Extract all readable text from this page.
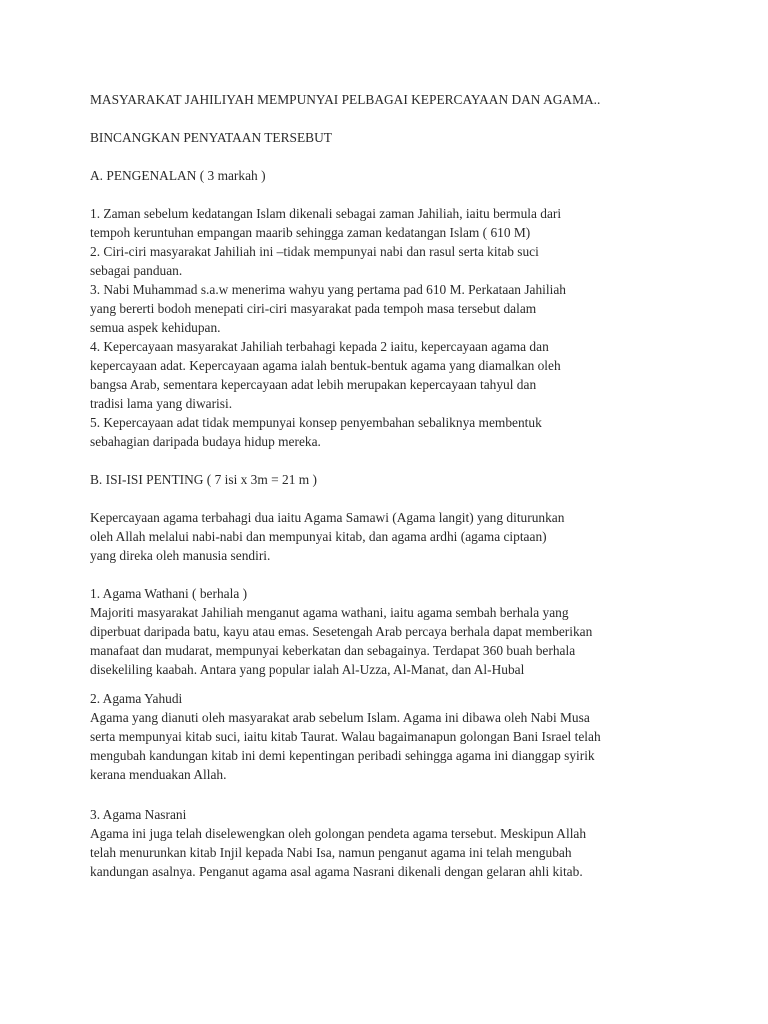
MASYARAKAT JAHILIYAH MEMPUNYAI PELBAGAI KEPERCAYAAN DAN AGAMA..
BINCANGKAN PENYATAAN TERSEBUT
A. PENGENALAN ( 3 markah )
1. Zaman sebelum kedatangan Islam dikenali sebagai zaman Jahiliah, iaitu bermula dari
tempoh keruntuhan empangan maarib sehingga zaman kedatangan Islam ( 610 M)
2. Ciri-ciri masyarakat Jahiliah ini –tidak mempunyai nabi dan rasul serta kitab suci
sebagai panduan.
3. Nabi Muhammad s.a.w menerima wahyu yang pertama pad 610 M. Perkataan Jahiliah
yang bererti bodoh menepati ciri-ciri masyarakat pada tempoh masa tersebut dalam
semua aspek kehidupan.
4. Kepercayaan masyarakat Jahiliah terbahagi kepada 2 iaitu, kepercayaan agama dan
kepercayaan adat. Kepercayaan agama ialah bentuk-bentuk agama yang diamalkan oleh
bangsa Arab, sementara kepercayaan adat lebih merupakan kepercayaan tahyul dan
tradisi lama yang diwarisi.
5. Kepercayaan adat tidak mempunyai konsep penyembahan sebaliknya membentuk
sebahagian daripada budaya hidup mereka.
B. ISI-ISI PENTING ( 7 isi x 3m = 21 m )
Kepercayaan agama terbahagi dua iaitu Agama Samawi (Agama langit) yang diturunkan
oleh Allah melalui nabi-nabi dan mempunyai kitab, dan agama ardhi (agama ciptaan)
yang direka oleh manusia sendiri.
1. Agama Wathani ( berhala )
Majoriti masyarakat Jahiliah menganut agama wathani, iaitu agama sembah berhala yang
diperbuat daripada batu, kayu atau emas. Sesetengah Arab percaya berhala dapat memberikan
manafaat dan mudarat, mempunyai keberkatan dan sebagainya. Terdapat 360 buah berhala
disekeliling kaabah. Antara yang popular ialah Al-Uzza, Al-Manat, dan Al-Hubal
2. Agama Yahudi
Agama yang dianuti oleh masyarakat arab sebelum Islam. Agama ini dibawa oleh Nabi Musa
serta mempunyai kitab suci, iaitu kitab Taurat. Walau bagaimanapun golongan Bani Israel telah
mengubah kandungan kitab ini demi kepentingan peribadi sehingga agama ini dianggap syirik
kerana menduakan Allah.
3. Agama Nasrani
Agama ini juga telah diselewengkan oleh golongan pendeta agama tersebut. Meskipun Allah
telah menurunkan kitab Injil kepada Nabi Isa, namun penganut agama ini telah mengubah
kandungan asalnya. Penganut agama asal agama Nasrani dikenali dengan gelaran ahli kitab.
